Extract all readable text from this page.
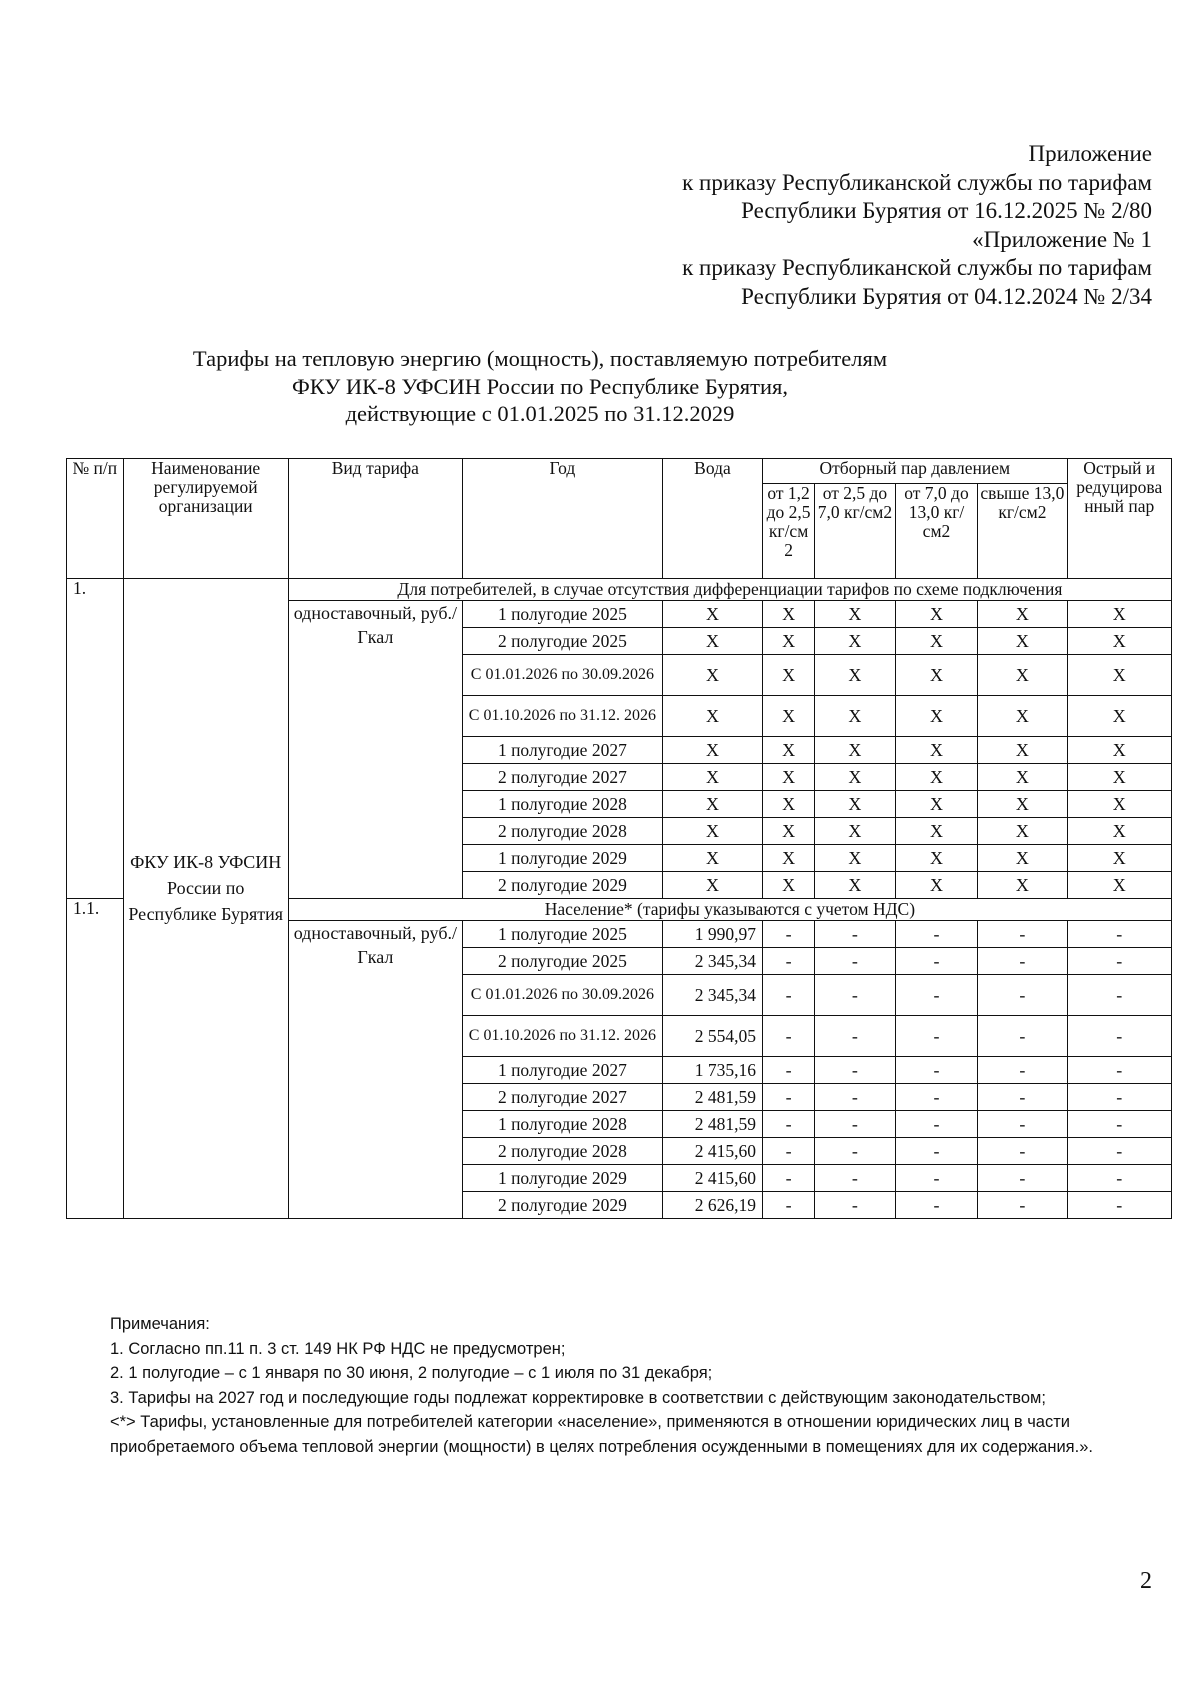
Приложение
к приказу Республиканской службы по тарифам
Республики Бурятия от 16.12.2025 № 2/80
«Приложение № 1
к приказу Республиканской службы по тарифам
Республики Бурятия от 04.12.2024 № 2/34
Тарифы на тепловую энергию (мощность), поставляемую потребителям
ФКУ ИК-8 УФСИН России по Республике Бурятия,
действующие с 01.01.2025 по 31.12.2029
№ п/п	Наименование регулируемой организации	Вид тарифа	Год	Вода	Отборный пар давлением				Острый и редуцирова нный пар
					от 1,2 до 2,5 кг/см 2	от 2,5 до 7,0 кг/см2	от 7,0 до 13,0 кг/см2	свыше 13,0 кг/см2	
1.	ФКУ ИК-8 УФСИН России по Республике Бурятия	Для потребителей, в случае отсутствия дифференциации тарифов по схеме подключения							
		одноставочный, руб./Гкал	1 полугодие 2025	Х	Х	Х	Х	Х	Х
			2 полугодие 2025	Х	Х	Х	Х	Х	Х
			С 01.01.2026 по 30.09.2026	Х	Х	Х	Х	Х	Х
			С 01.10.2026 по 31.12. 2026	Х	Х	Х	Х	Х	Х
			1 полугодие 2027	Х	Х	Х	Х	Х	Х
			2 полугодие 2027	Х	Х	Х	Х	Х	Х
			1 полугодие 2028	Х	Х	Х	Х	Х	Х
			2 полугодие 2028	Х	Х	Х	Х	Х	Х
			1 полугодие 2029	Х	Х	Х	Х	Х	Х
			2 полугодие 2029	Х	Х	Х	Х	Х	Х
1.1.		Население* (тарифы указываются с учетом НДС)							
		одноставочный, руб./Гкал	1 полугодие 2025	1 990,97	-	-	-	-	-
			2 полугодие 2025	2 345,34	-	-	-	-	-
			С 01.01.2026 по 30.09.2026	2 345,34	-	-	-	-	-
			С 01.10.2026 по 31.12. 2026	2 554,05	-	-	-	-	-
			1 полугодие 2027	1 735,16	-	-	-	-	-
			2 полугодие 2027	2 481,59	-	-	-	-	-
			1 полугодие 2028	2 481,59	-	-	-	-	-
			2 полугодие 2028	2 415,60	-	-	-	-	-
			1 полугодие 2029	2 415,60	-	-	-	-	-
			2 полугодие 2029	2 626,19	-	-	-	-	-

Примечания:

1. Согласно пп.11 п. 3 ст. 149 НК РФ НДС не предусмотрен;

2. 1 полугодие – с 1 января по 30 июня, 2 полугодие – с 1 июля по 31 декабря;

3. Тарифы на 2027 год и последующие годы подлежат корректировке в соответствии с действующим законодательством;

<*> Тарифы, установленные для потребителей категории «население», применяются в отношении юридических лиц в части приобретаемого объема тепловой энергии (мощности) в целях потребления осужденными в помещениях для их содержания.».

2
